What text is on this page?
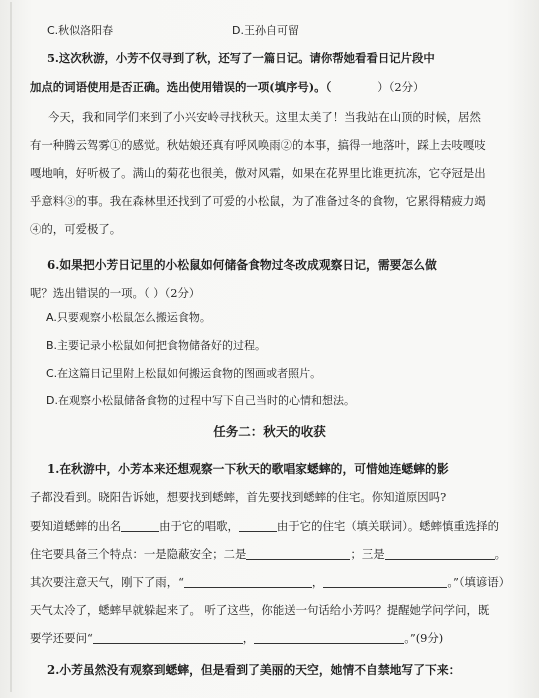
C.秋似洛阳春	D.王孙自可留
5.这次秋游，小芳不仅寻到了秋，还写了一篇日记。请你帮她看看日记片段中
加点的词语使用是否正确。选出使用错误的一项(填序号)。（	）（2分）
今天，我和同学们来到了小兴安岭寻找秋天。这里太美了！当我站在山顶的时候，居然
有一种腾云驾雾①的感觉。秋姑娘还真有呼风唤雨②的本事，搞得一地落叶，踩上去吱嘎吱
嘎地响，好听极了。满山的菊花也很美，傲对风霜，如果在花界里比谁更抗冻，它夺冠是出
乎意料③的事。我在森林里还找到了可爱的小松鼠，为了准备过冬的食物，它累得精疲力竭
④的，可爱极了。
6.如果把小芳日记里的小松鼠如何储备食物过冬改成观察日记，需要怎么做
呢？选出错误的一项。（ ）（2分）
A.只要观察小松鼠怎么搬运食物。
B.主要记录小松鼠如何把食物储备好的过程。
C.在这篇日记里附上松鼠如何搬运食物的图画或者照片。
D.在观察小松鼠储备食物的过程中写下自己当时的心情和想法。
任务二：秋天的收获
1.在秋游中，小芳本来还想观察一下秋天的歌唱家蟋蟀的，可惜她连蟋蟀的影
子都没看到。晓阳告诉她，想要找到蟋蟀，首先要找到蟋蟀的住宅。你知道原因吗?
要知道蟋蟀的出名	由于它的唱歌，	由于它的住宅（填关联词）。蟋蟀慎重选择的
住宅要具备三个特点：一是隐蔽安全；二是	；三是	。
其次要注意天气，刚下了雨，“	，	。”（填谚语）
天气太冷了，蟋蟀早就躲起来了。 听了这些，你能送一句话给小芳吗？提醒她学问学问，既
要学还要问“	，	。”(9分)
2.小芳虽然没有观察到蟋蟀，但是看到了美丽的天空，她情不自禁地写了下来：
